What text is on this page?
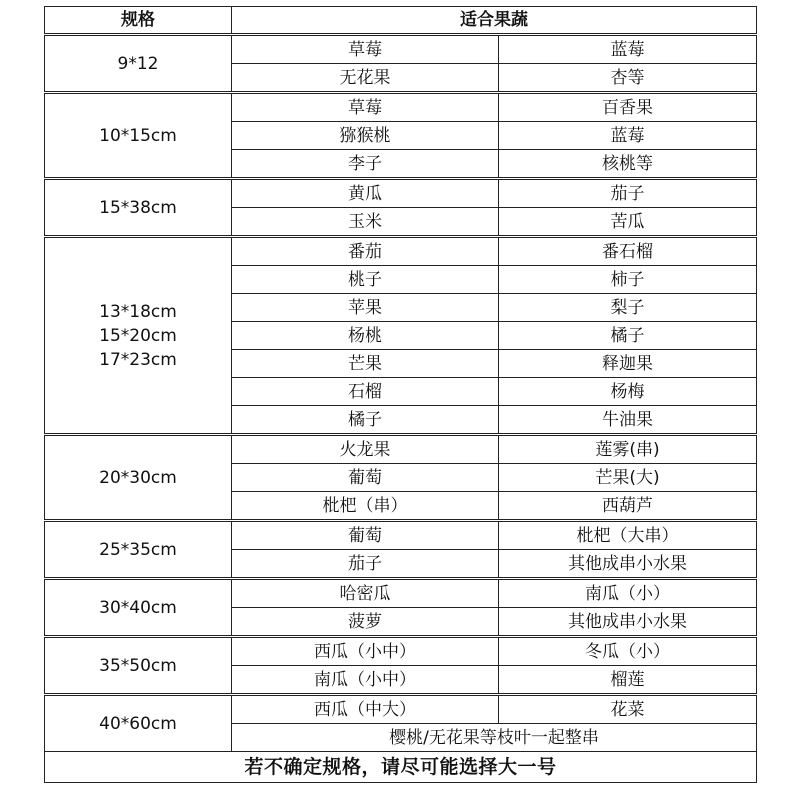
规格	适合果蔬	

9*12	草莓	蓝莓
	无花果	杏等

10*15cm	草莓	百香果
	猕猴桃	蓝莓
	李子	核桃等

15*38cm	黄瓜	茄子
	玉米	苦瓜

13*18cm
15*20cm
17*23cm	番茄	番石榴
	桃子	柿子
	苹果	梨子
	杨桃	橘子
	芒果	释迦果
	石榴	杨梅
	橘子	牛油果

20*30cm	火龙果	莲雾(串)
	葡萄	芒果(大)
	枇杷（串）	西葫芦

25*35cm	葡萄	枇杷（大串）
	茄子	其他成串小水果

30*40cm	哈密瓜	南瓜（小）
	菠萝	其他成串小水果

35*50cm	西瓜（小中）	冬瓜（小）
	南瓜（小中）	榴莲

40*60cm	西瓜（中大）	花菜
	樱桃/无花果等枝叶一起整串	
若不确定规格，请尽可能选择大一号		
